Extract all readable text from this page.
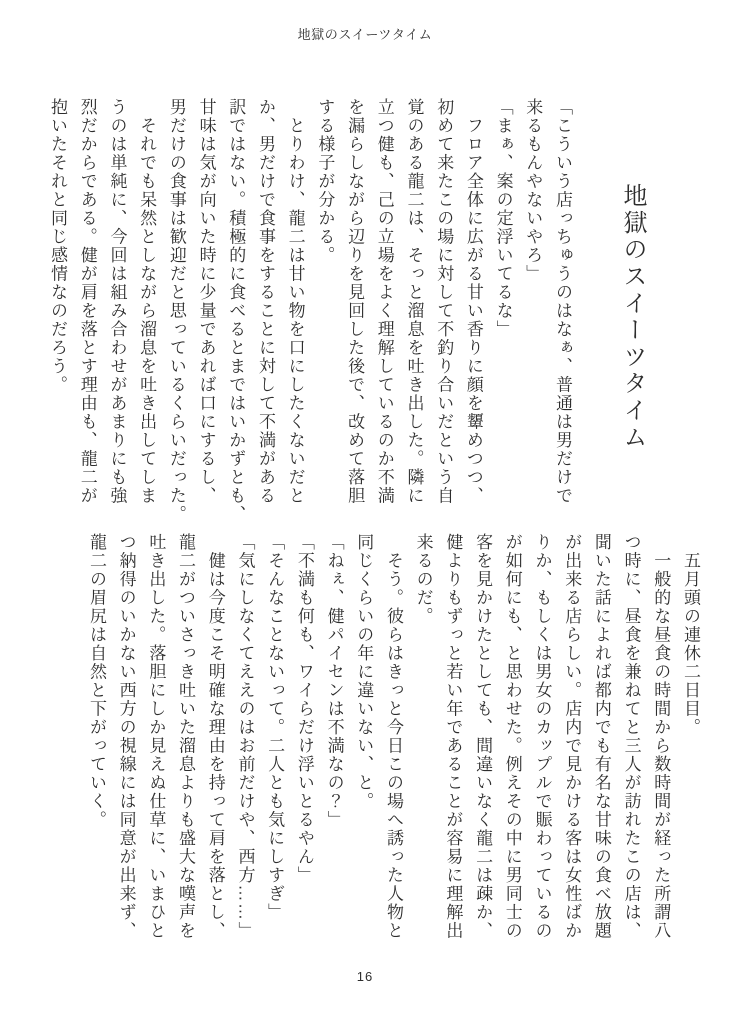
地獄のスイーツタイム
地獄のスイーツタイム
「こういう店っちゅうのはなぁ、普通は男だけで
来るもんやないやろ」
「まぁ、案の定浮いてるな」
　フロア全体に広がる甘い香りに顔を顰めつつ、
初めて来たこの場に対して不釣り合いだという自
覚のある龍二は、そっと溜息を吐き出した。隣に
立つ健も、己の立場をよく理解しているのか不満
を漏らしながら辺りを見回した後で、改めて落胆
する様子が分かる。
　とりわけ、龍二は甘い物を口にしたくないだと
か、男だけで食事をすることに対して不満がある
訳ではない。積極的に食べるとまではいかずとも、
甘味は気が向いた時に少量であれば口にするし、
男だけの食事は歓迎だと思っているくらいだった。
　それでも呆然としながら溜息を吐き出してしま
うのは単純に、今回は組み合わせがあまりにも強
烈だからである。健が肩を落とす理由も、龍二が
抱いたそれと同じ感情なのだろう。
　五月頭の連休二日目。
　一般的な昼食の時間から数時間が経った所謂八
つ時に、昼食を兼ねてと三人が訪れたこの店は、
聞いた話によれば都内でも有名な甘味の食べ放題
が出来る店らしい。店内で見かける客は女性ばか
りか、もしくは男女のカップルで賑わっているの
が如何にも、と思わせた。例えその中に男同士の
客を見かけたとしても、間違いなく龍二は疎か、
健よりもずっと若い年であることが容易に理解出
来るのだ。
　そう。彼らはきっと今日この場へ誘った人物と
同じくらいの年に違いない、と。
「ねぇ、健パイセンは不満なの？」
「不満も何も、ワイらだけ浮いとるやん」
「そんなことないって。二人とも気にしすぎ」
「気にしなくてええのはお前だけや、西方……」
　健は今度こそ明確な理由を持って肩を落とし、
龍二がついさっき吐いた溜息よりも盛大な嘆声を
吐き出した。落胆にしか見えぬ仕草に、いまひと
つ納得のいかない西方の視線には同意が出来ず、
龍二の眉尻は自然と下がっていく。
16
